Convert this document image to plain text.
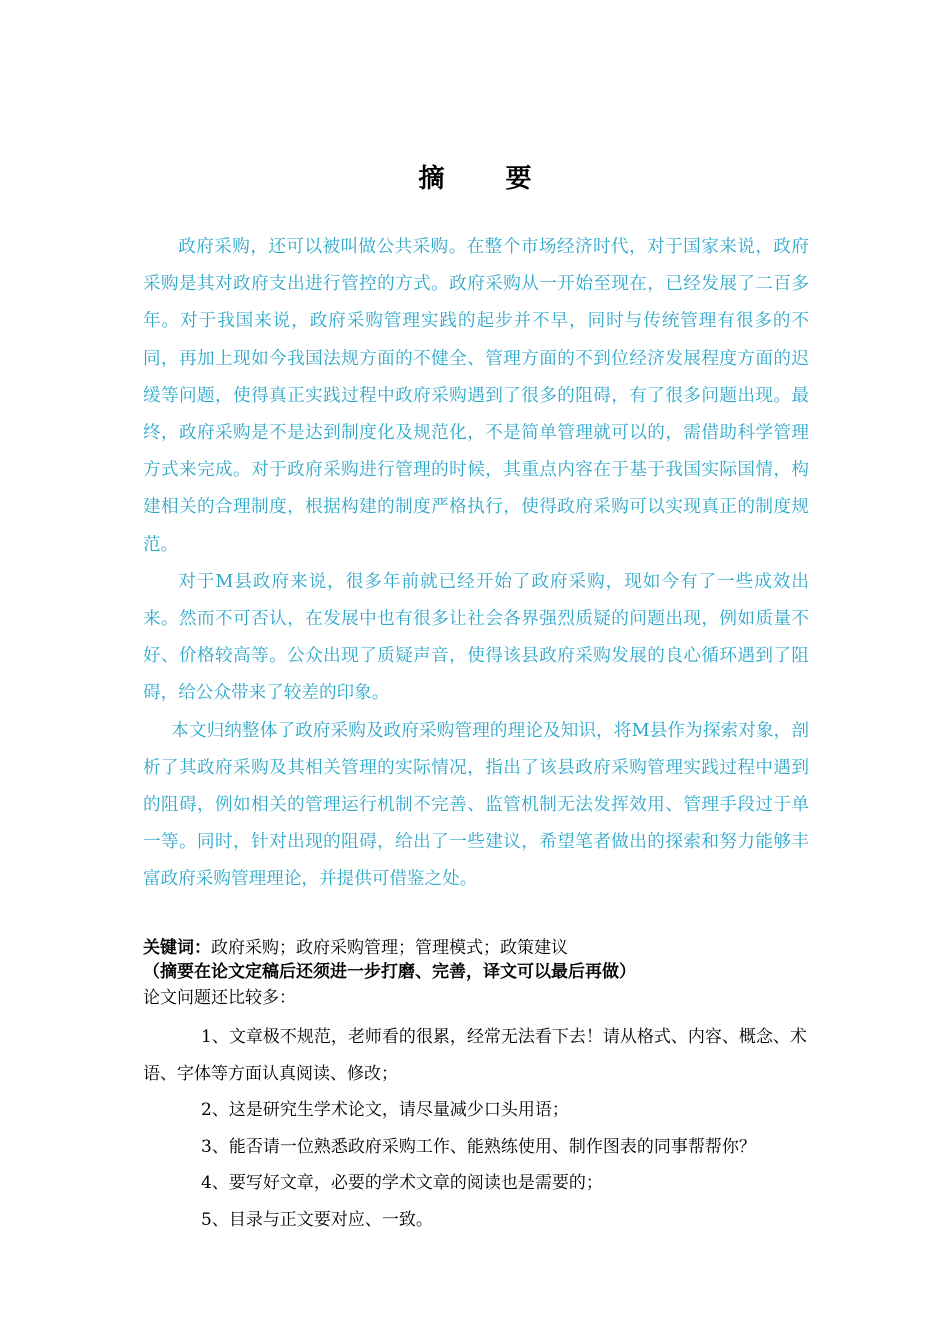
摘 要

政府采购，还可以被叫做公共采购。在整个市场经济时代，对于国家来说，政府采购是其对政府支出进行管控的方式。政府采购从一开始至现在，已经发展了二百多年。对于我国来说，政府采购管理实践的起步并不早，同时与传统管理有很多的不同，再加上现如今我国法规方面的不健全、管理方面的不到位经济发展程度方面的迟缓等问题，使得真正实践过程中政府采购遇到了很多的阻碍，有了很多问题出现。最终，政府采购是不是达到制度化及规范化，不是简单管理就可以的，需借助科学管理方式来完成。对于政府采购进行管理的时候，其重点内容在于基于我国实际国情，构建相关的合理制度，根据构建的制度严格执行，使得政府采购可以实现真正的制度规范。

对于M县政府来说，很多年前就已经开始了政府采购，现如今有了一些成效出来。然而不可否认，在发展中也有很多让社会各界强烈质疑的问题出现，例如质量不好、价格较高等。公众出现了质疑声音，使得该县政府采购发展的良心循环遇到了阻碍，给公众带来了较差的印象。

本文归纳整体了政府采购及政府采购管理的理论及知识，将M县作为探索对象，剖析了其政府采购及其相关管理的实际情况，指出了该县政府采购管理实践过程中遇到的阻碍，例如相关的管理运行机制不完善、监管机制无法发挥效用、管理手段过于单一等。同时，针对出现的阻碍，给出了一些建议，希望笔者做出的探索和努力能够丰富政府采购管理理论，并提供可借鉴之处。

关键词：政府采购；政府采购管理；管理模式；政策建议
（摘要在论文定稿后还须进一步打磨、完善，译文可以最后再做）
论文问题还比较多：

1、文章极不规范，老师看的很累，经常无法看下去！请从格式、内容、概念、术语、字体等方面认真阅读、修改；

2、这是研究生学术论文，请尽量减少口头用语；

3、能否请一位熟悉政府采购工作、能熟练使用、制作图表的同事帮帮你？

4、要写好文章，必要的学术文章的阅读也是需要的；

5、目录与正文要对应、一致。
